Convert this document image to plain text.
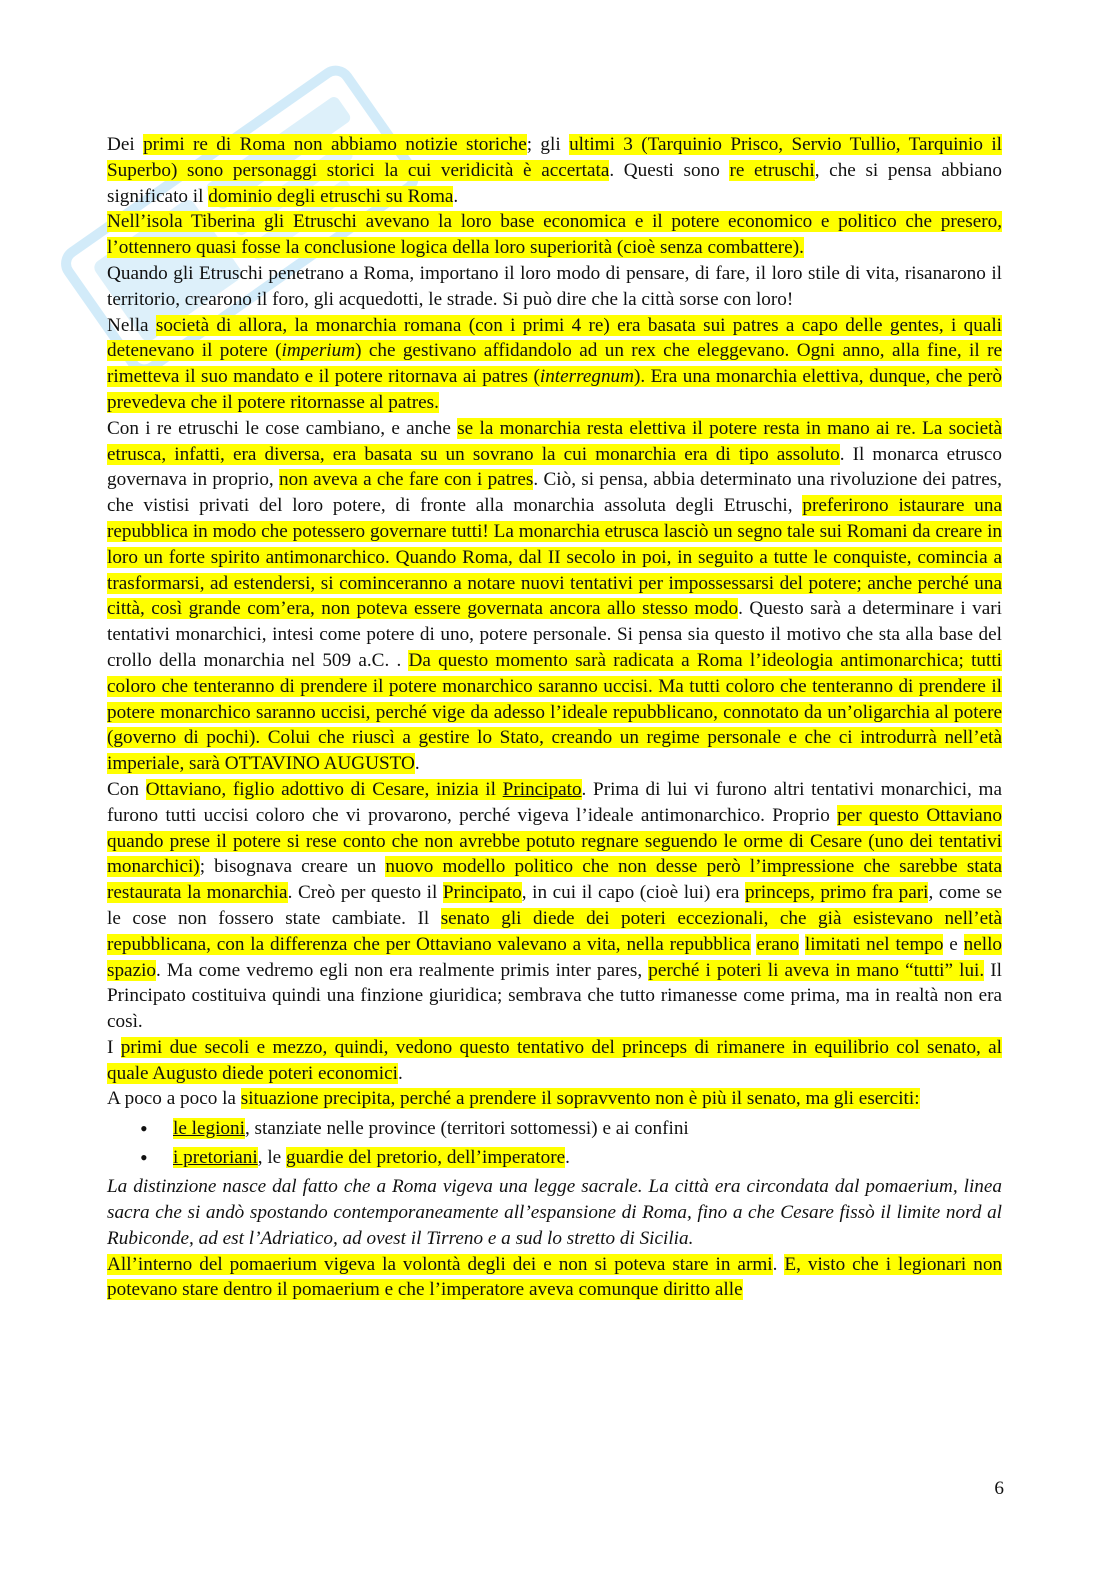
Dei primi re di Roma non abbiamo notizie storiche; gli ultimi 3 (Tarquinio Prisco, Servio Tullio, Tarquinio il Superbo) sono personaggi storici la cui veridicità è accertata. Questi sono re etruschi, che si pensa abbiano significato il dominio degli etruschi su Roma.

Nell’isola Tiberina gli Etruschi avevano la loro base economica e il potere economico e politico che presero, l’ottennero quasi fosse la conclusione logica della loro superiorità (cioè senza combattere).

Quando gli Etruschi penetrano a Roma, importano il loro modo di pensare, di fare, il loro stile di vita, risanarono il territorio, crearono il foro, gli acquedotti, le strade. Si può dire che la città sorse con loro!

Nella società di allora, la monarchia romana (con i primi 4 re) era basata sui patres a capo delle gentes, i quali detenevano il potere (imperium) che gestivano affidandolo ad un rex che eleggevano. Ogni anno, alla fine, il re rimetteva il suo mandato e il potere ritornava ai patres (interregnum). Era una monarchia elettiva, dunque, che però prevedeva che il potere ritornasse al patres.

Con i re etruschi le cose cambiano, e anche se la monarchia resta elettiva il potere resta in mano ai re. La società etrusca, infatti, era diversa, era basata su un sovrano la cui monarchia era di tipo assoluto. Il monarca etrusco governava in proprio, non aveva a che fare con i patres. Ciò, si pensa, abbia determinato una rivoluzione dei patres, che vistisi privati del loro potere, di fronte alla monarchia assoluta degli Etruschi, preferirono istaurare una repubblica in modo che potessero governare tutti! La monarchia etrusca lasciò un segno tale sui Romani da creare in loro un forte spirito antimonarchico. Quando Roma, dal II secolo in poi, in seguito a tutte le conquiste, comincia a trasformarsi, ad estendersi, si cominceranno a notare nuovi tentativi per impossessarsi del potere; anche perché una città, così grande com’era, non poteva essere governata ancora allo stesso modo. Questo sarà a determinare i vari tentativi monarchici, intesi come potere di uno, potere personale. Si pensa sia questo il motivo che sta alla base del crollo della monarchia nel 509 a.C. . Da questo momento sarà radicata a Roma l’ideologia antimonarchica; tutti coloro che tenteranno di prendere il potere monarchico saranno uccisi. Ma tutti coloro che tenteranno di prendere il potere monarchico saranno uccisi, perché vige da adesso l’ideale repubblicano, connotato da un’oligarchia al potere (governo di pochi). Colui che riuscì a gestire lo Stato, creando un regime personale e che ci introdurrà nell’età imperiale, sarà OTTAVINO AUGUSTO.

Con Ottaviano, figlio adottivo di Cesare, inizia il Principato. Prima di lui vi furono altri tentativi monarchici, ma furono tutti uccisi coloro che vi provarono, perché vigeva l’ideale antimonarchico. Proprio per questo Ottaviano quando prese il potere si rese conto che non avrebbe potuto regnare seguendo le orme di Cesare (uno dei tentativi monarchici); bisognava creare un nuovo modello politico che non desse però l’impressione che sarebbe stata restaurata la monarchia. Creò per questo il Principato, in cui il capo (cioè lui) era princeps, primo fra pari, come se le cose non fossero state cambiate. Il senato gli diede dei poteri eccezionali, che già esistevano nell’età repubblicana, con la differenza che per Ottaviano valevano a vita, nella repubblica erano limitati nel tempo e nello spazio. Ma come vedremo egli non era realmente primis inter pares, perché i poteri li aveva in mano “tutti” lui. Il Principato costituiva quindi una finzione giuridica; sembrava che tutto rimanesse come prima, ma in realtà non era così.

I primi due secoli e mezzo, quindi, vedono questo tentativo del princeps di rimanere in equilibrio col senato, al quale Augusto diede poteri economici.

A poco a poco la situazione precipita, perché a prendere il sopravvento non è più il senato, ma gli eserciti:

• le legioni, stanziate nelle province (territori sottomessi) e ai confini
• i pretoriani, le guardie del pretorio, dell’imperatore.

La distinzione nasce dal fatto che a Roma vigeva una legge sacrale. La città era circondata dal pomaerium, linea sacra che si andò spostando contemporaneamente all’espansione di Roma, fino a che Cesare fissò il limite nord al Rubiconde, ad est l’Adriatico, ad ovest il Tirreno e a sud lo stretto di Sicilia.

All’interno del pomaerium vigeva la volontà degli dei e non si poteva stare in armi. E, visto che i legionari non potevano stare dentro il pomaerium e che l’imperatore aveva comunque diritto alle

6
